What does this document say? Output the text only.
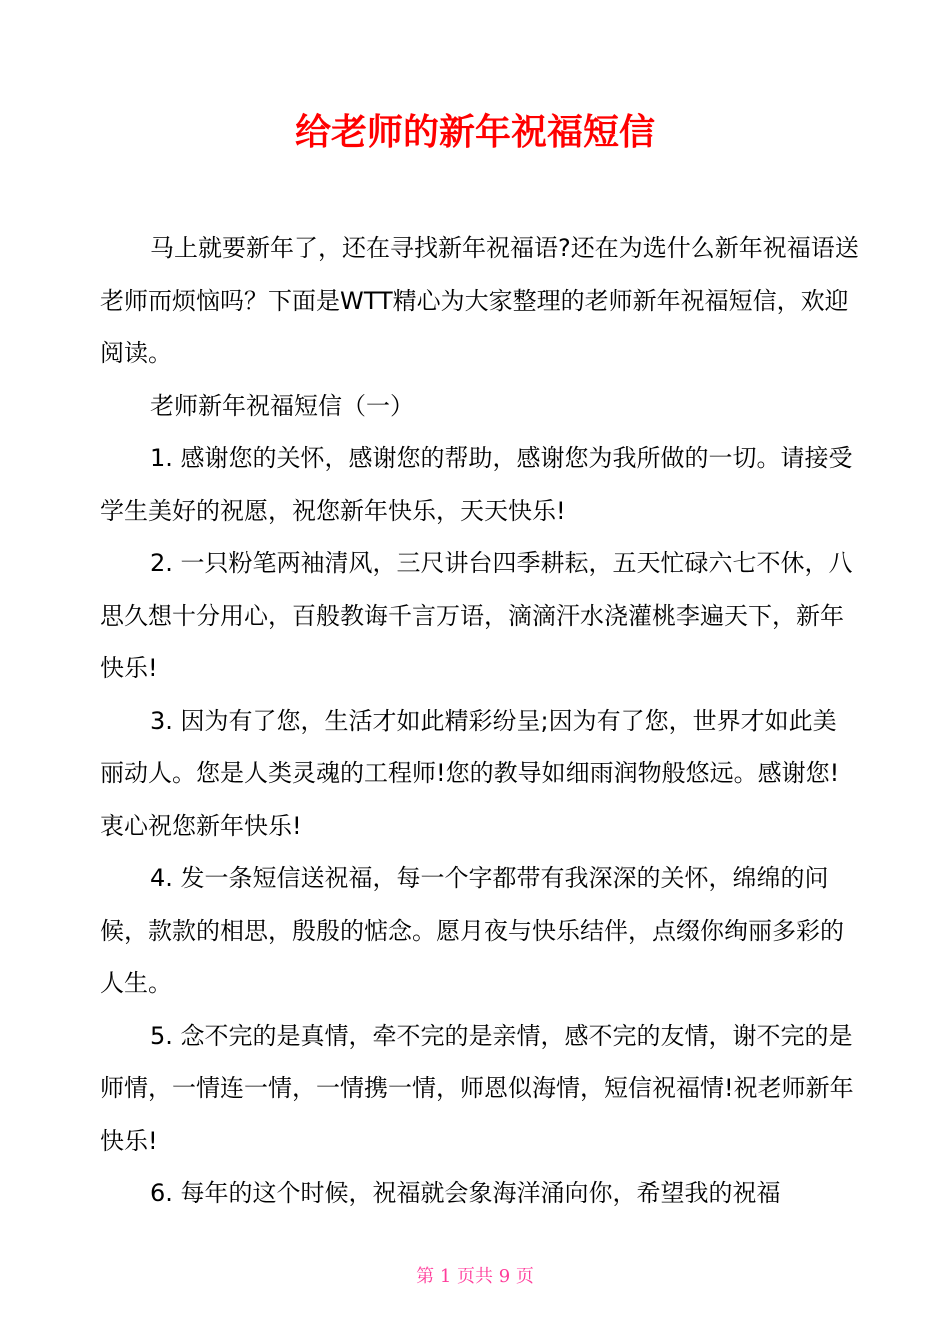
给老师的新年祝福短信

马上就要新年了，还在寻找新年祝福语?还在为选什么新年祝福语送老师而烦恼吗？下面是WTT精心为大家整理的老师新年祝福短信，欢迎阅读。

老师新年祝福短信（一）

1. 感谢您的关怀，感谢您的帮助，感谢您为我所做的一切。请接受学生美好的祝愿，祝您新年快乐，天天快乐!

2. 一只粉笔两袖清风，三尺讲台四季耕耘，五天忙碌六七不休，八思久想十分用心，百般教诲千言万语，滴滴汗水浇灌桃李遍天下，新年快乐!

3. 因为有了您，生活才如此精彩纷呈;因为有了您，世界才如此美丽动人。您是人类灵魂的工程师!您的教导如细雨润物般悠远。感谢您!衷心祝您新年快乐!

4. 发一条短信送祝福，每一个字都带有我深深的关怀，绵绵的问候，款款的相思，殷殷的惦念。愿月夜与快乐结伴，点缀你绚丽多彩的人生。

5. 念不完的是真情，牵不完的是亲情，感不完的友情，谢不完的是师情，一情连一情，一情携一情，师恩似海情，短信祝福情!祝老师新年快乐!

6. 每年的这个时候，祝福就会象海洋涌向你，希望我的祝福

第 1 页共 9 页
